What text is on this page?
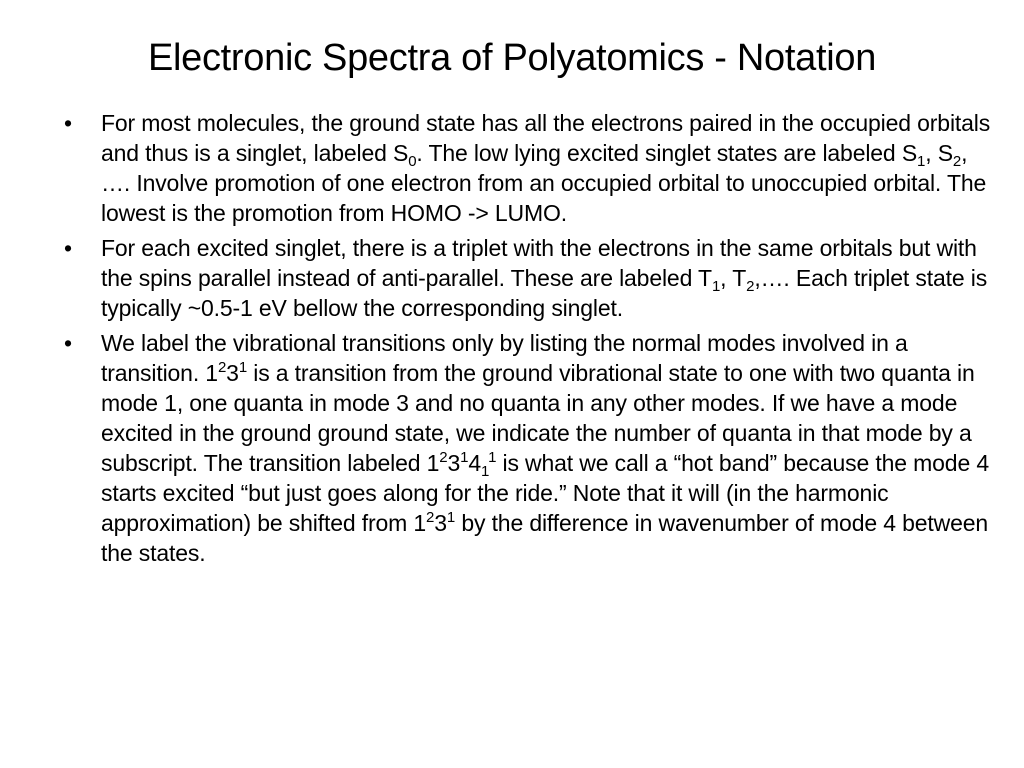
Electronic Spectra of Polyatomics - Notation
• For most molecules, the ground state has all the electrons paired in the occupied orbitals and thus is a singlet, labeled $S_0$. The low lying excited singlet states are labeled $S_1$, $S_2$, …. Involve promotion of one electron from an occupied orbital to unoccupied orbital. The lowest is the promotion from HOMO -> LUMO.
• For each excited singlet, there is a triplet with the electrons in the same orbitals but with the spins parallel instead of anti-parallel. These are labeled $T_1$, $T_2,\dots$. Each triplet state is typically ~0.5-1 eV bellow the corresponding singlet.
• We label the vibrational transitions only by listing the normal modes involved in a transition. $1^23^1$ is a transition from the ground vibrational state to one with two quanta in mode 1, one quanta in mode 3 and no quanta in any other modes. If we have a mode excited in the ground ground state, we indicate the number of quanta in that mode by a subscript. The transition labeled $1^23^14_1^1$ is what we call a “hot band” because the mode 4 starts excited “but just goes along for the ride.” Note that it will (in the harmonic approximation) be shifted from $1^23^1$ by the difference in wavenumber of mode 4 between the states.
